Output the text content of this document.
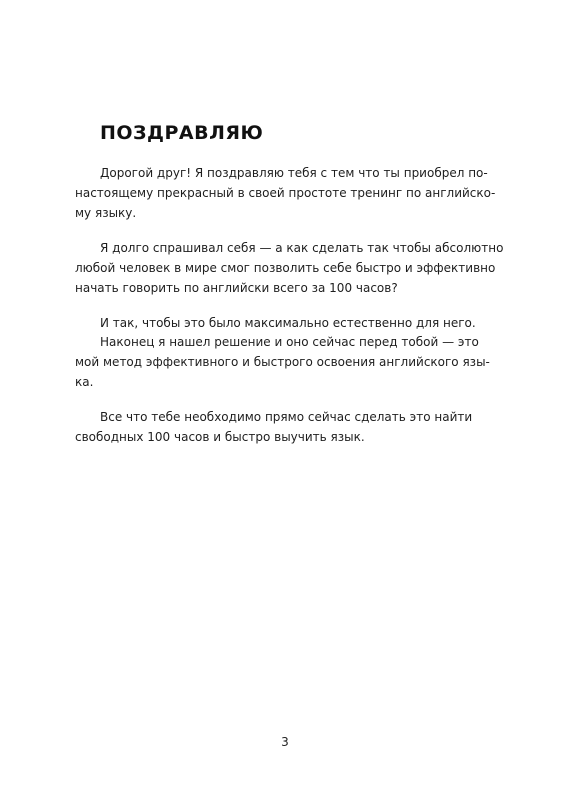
ПОЗДРАВЛЯЮ
Дорогой друг! Я поздравляю тебя с тем что ты приобрел по-
настоящему прекрасный в своей простоте тренинг по английско-
му языку.
Я долго спрашивал себя — а как сделать так чтобы абсолютно
любой человек в мире смог позволить себе быстро и эффективно
начать говорить по английски всего за 100 часов?
И так, чтобы это было максимально естественно для него.
Наконец я нашел решение и оно сейчас перед тобой — это
мой метод эффективного и быстрого освоения английского язы-
ка.
Все что тебе необходимо прямо сейчас сделать это найти
свободных 100 часов и быстро выучить язык.
3
